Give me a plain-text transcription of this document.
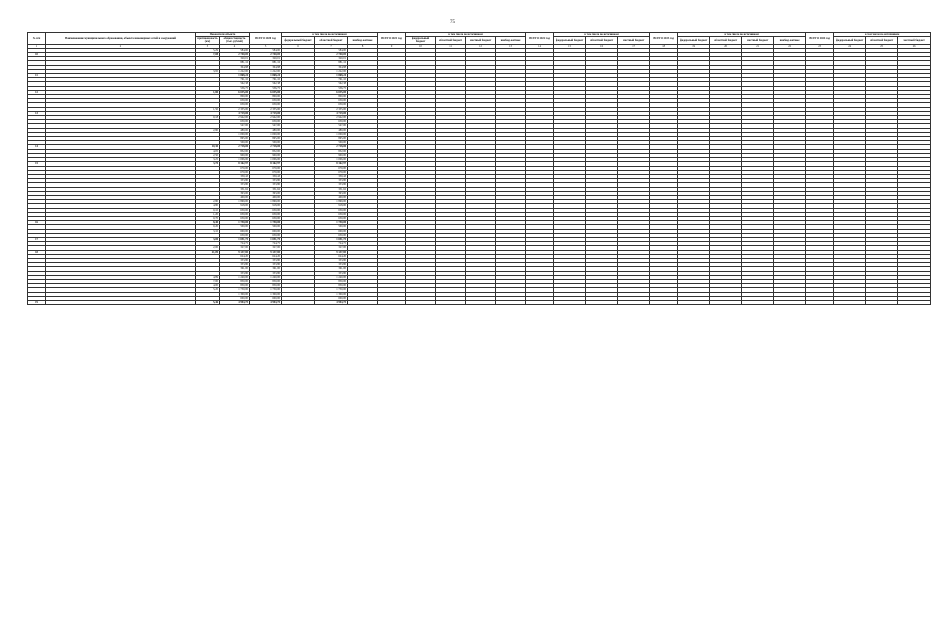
75
№ п/п	Наименование муниципального образования, объекта инженерных сетей и сооружений	Показатели объекта		ВСЕГО 2020 год	в том числе по источникам			ВСЕГО 2021 год	в том числе по источникам				ВСЕГО 2022 год	в том числе по источникам			ВСЕГО 2023 год	в том числе по источникам				ВСЕГО 2024 год	в том числе по источникам		
		протяжен-ность (км)	общая стоимость (тыс. рублей)		федеральный бюджет	областной бюджет	внебюд-жетные		федеральный бюджет	областной бюджет	местный бюджет	внебюд-жетные		федеральный бюджет	областной бюджет	местный бюджет		федеральный бюджет	областной бюджет	местный бюджет	внебюд-жетные		федеральный бюджет	областной бюджет	местный бюджет
1	2	3	4	5	6	7	8	9	10	11	12	13	14	15	16	17	18	19	20	21	22	23	24	25	26
		5,29	584,00	584,00		584,00																			
10		7,08	2 740,05	2 740,05		2 740,05																			
			320,01	320,01		320,01																			
			881,16	881,16		881,16																			
			304,88	304,88		304,88																			
		3,95	1 222,00	1 222,00		1 222,00																			
11			1 868,24	1 868,24		1 868,24																			
			761,10	761,10		761,10																			
			562,38	562,38		562,38																			
			556,75	556,75		556,75																			
12		1,80	6 035,00	6 035,00		6 035,00																			
			800,00	800,00		800,00																			
			650,00	650,00		650,00																			
			650,00	650,00		650,00																			
		1,50	2 335,00	2 335,00		2 335,00																			
13			4 719,00	4 719,00		4 719,00																			
		0,18	2 942,00	2 942,00		2 942,00																			
			650,00	650,00		650,00																			
			547,00	547,00		547,00																			
		2,80	480,00	480,00		480,00																			
			1 000,00	1 000,00		1 000,00																			
			865,00	865,00		865,00																			
			500,00	500,00		500,00																			
14		10,30	2 718,00	2 718,00		2 718,00																			
		4,05	832,00	832,00		832,00																			
		2,50	900,00	900,00		900,00																			
		3,25	1 006,00	1 006,00		1 006,00																			
15		3,70	8 162,97	8 162,97		8 162,97																			
			670,00	670,00		670,00																			
			670,00	670,00		670,00																			
			330,43	330,43		330,43																			
			333,80	333,80		333,80																			
			333,80	333,80		333,80																			
			331,62	331,62		331,62																			
			393,00	393,00		393,00																			
			400,00	400,00		400,00																			
		2,80	1 869,00	1 869,00		1 869,00																			
		4,80	918,00	918,00		918,00																			
		0,10	650,00	650,00		650,00																			
		1,20	650,00	650,00		650,00																			
		0,70	650,00	650,00		650,00																			
16		8,40	1 750,00	1 750,00		1 750,00																			
		0,20	500,00	500,00		500,00																			
		3,10	600,00	600,00		600,00																			
			650,00	650,00		650,00																			
17		3,00	1 051,75	1 051,75		1 051,75																			
			724,75	724,75		724,75																			
		2,00	327,00	327,00		327,00																			
18		21,09	9 137,85	9 137,85		9 137,85																			
			624,20	624,20		624,20																			
			333,80	333,80		333,80																			
			333,80	333,80		333,80																			
			361,00	361,00		361,00																			
			333,80	333,80		333,80																			
		4,89	1 240,00	1 240,00		1 240,00																			
		7,00	850,00	850,00		850,00																			
		4,00	850,00	850,00		850,00																			
		5,20	1 750,00	1 750,00		1 750,00																			
			1 300,00	1 300,00		1 300,00																			
			600,00	600,00		600,00																			
19		5,46	4 994,75	4 994,75		4 994,75																			
